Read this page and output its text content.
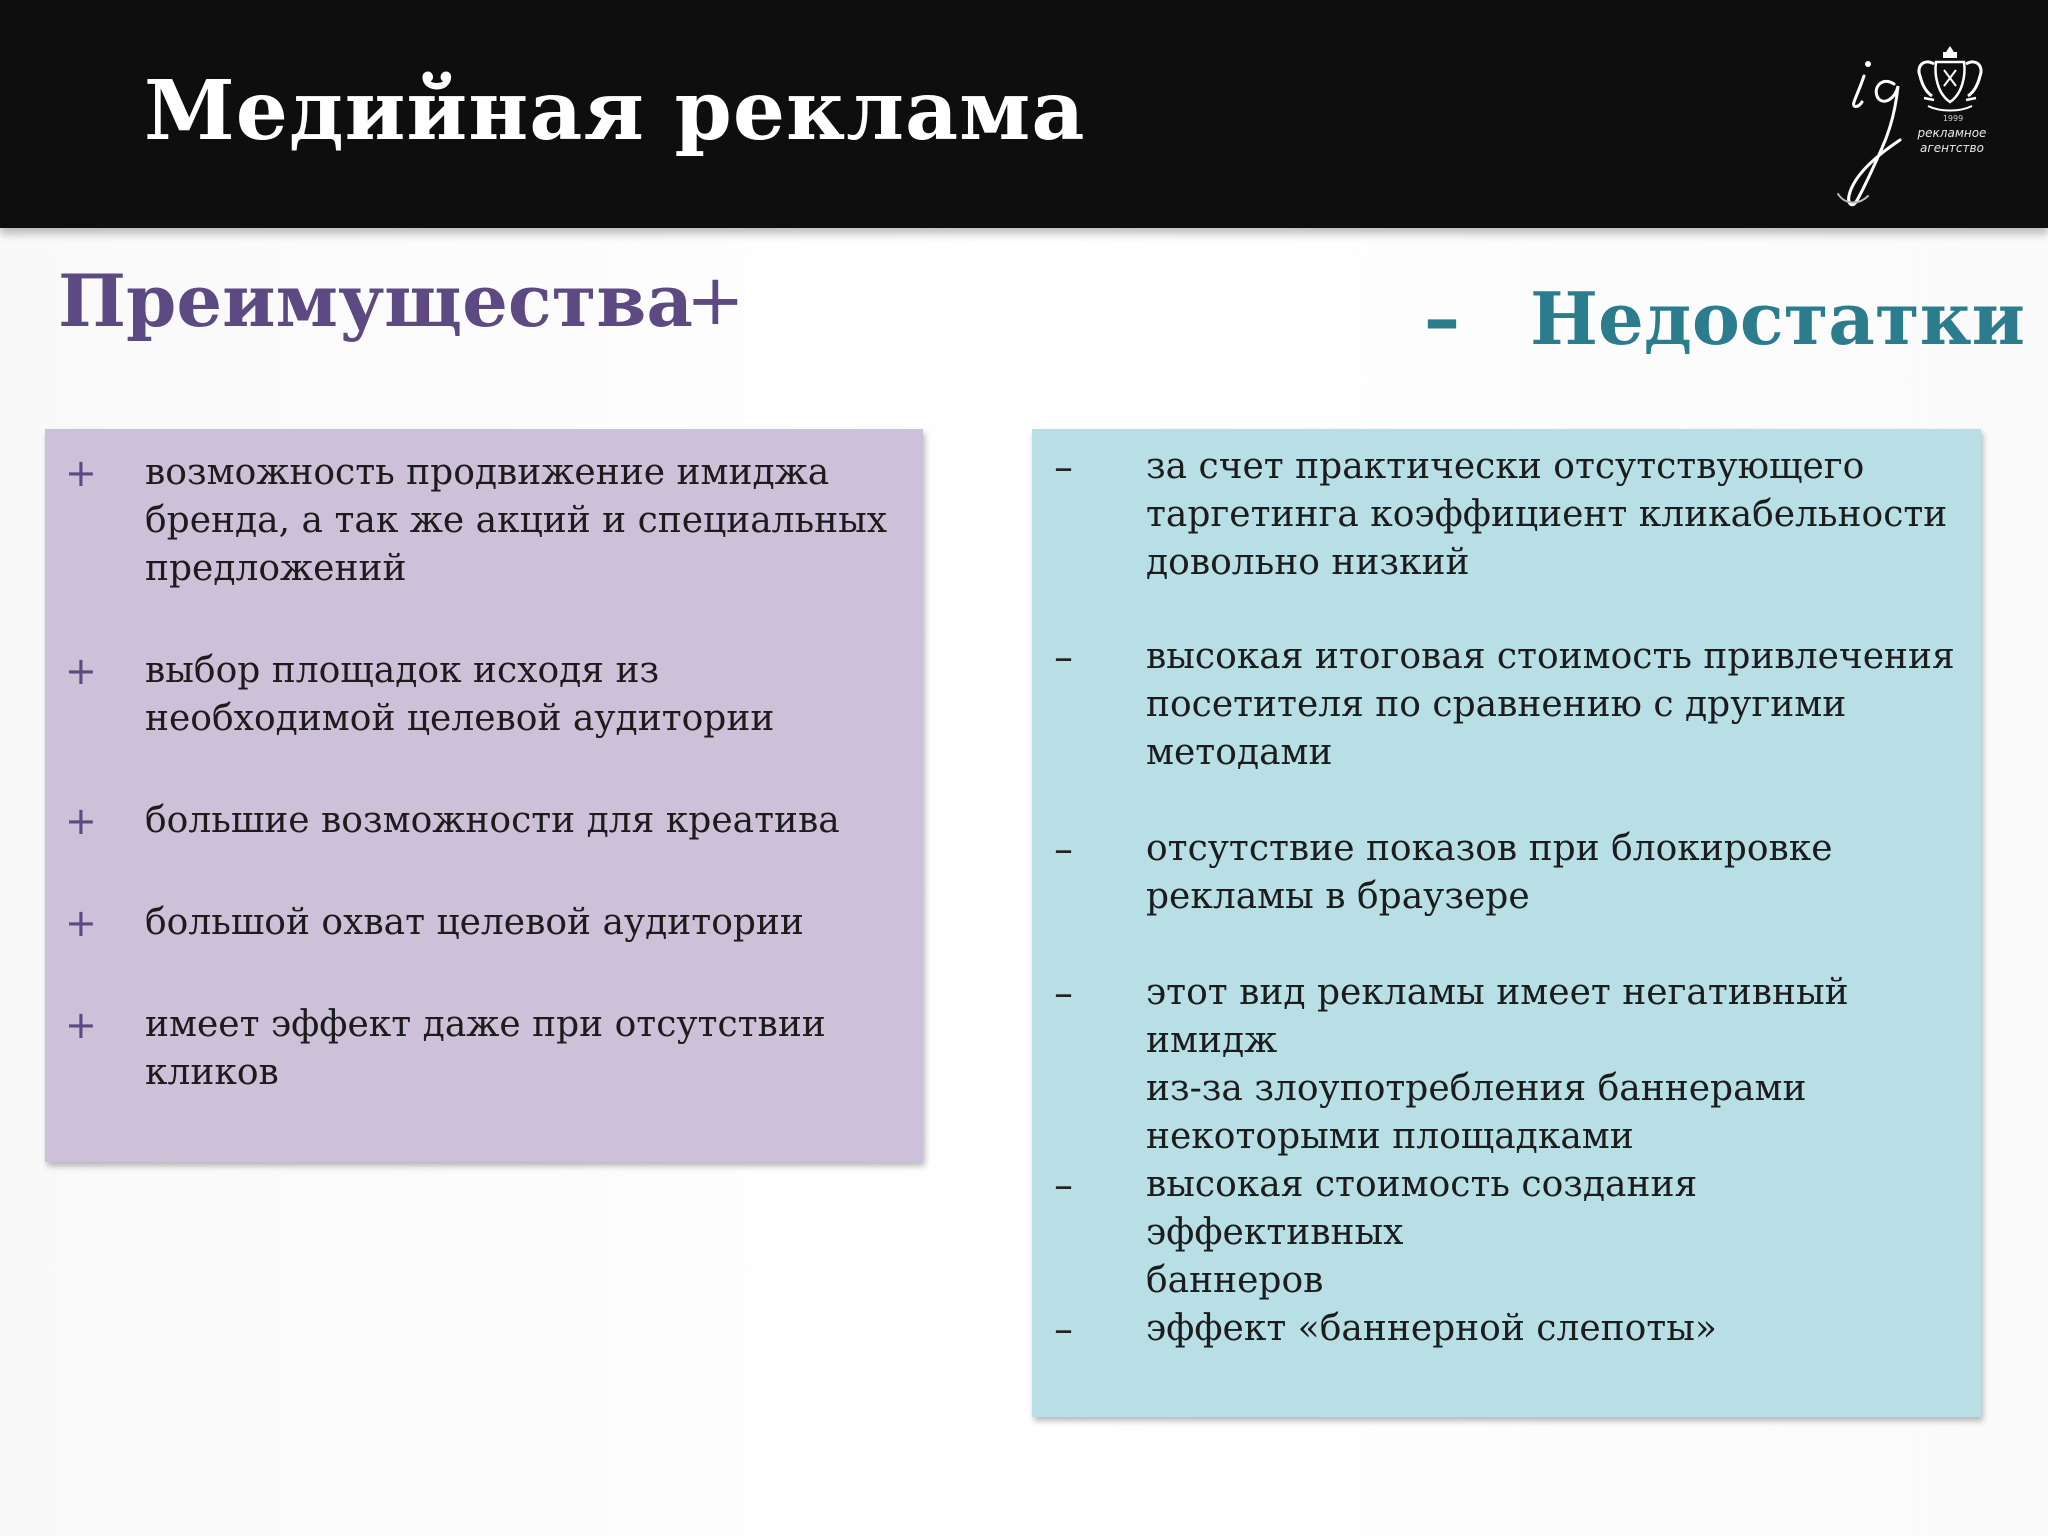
Медийная реклама	1999
рекламное
агентство
Преимущества
+	– Недостатки
+ возможность продвижение имиджа
бренда, а так же акций и специальных
предложений
+ выбор площадок исходя из
необходимой целевой аудитории
+ большие возможности для креатива
+ большой охват целевой аудитории
+ имеет эффект даже при отсутствии
кликов
– за счет практически отсутствующего
таргетинга коэффициент кликабельности
довольно низкий
– высокая итоговая стоимость привлечения
посетителя по сравнению с другими
методами
– отсутствие показов при блокировке
рекламы в браузере
– этот вид рекламы имеет негативный имидж
из-за злоупотребления баннерами
некоторыми площадками
– высокая стоимость создания эффективных
баннеров
– эффект «баннерной слепоты»
